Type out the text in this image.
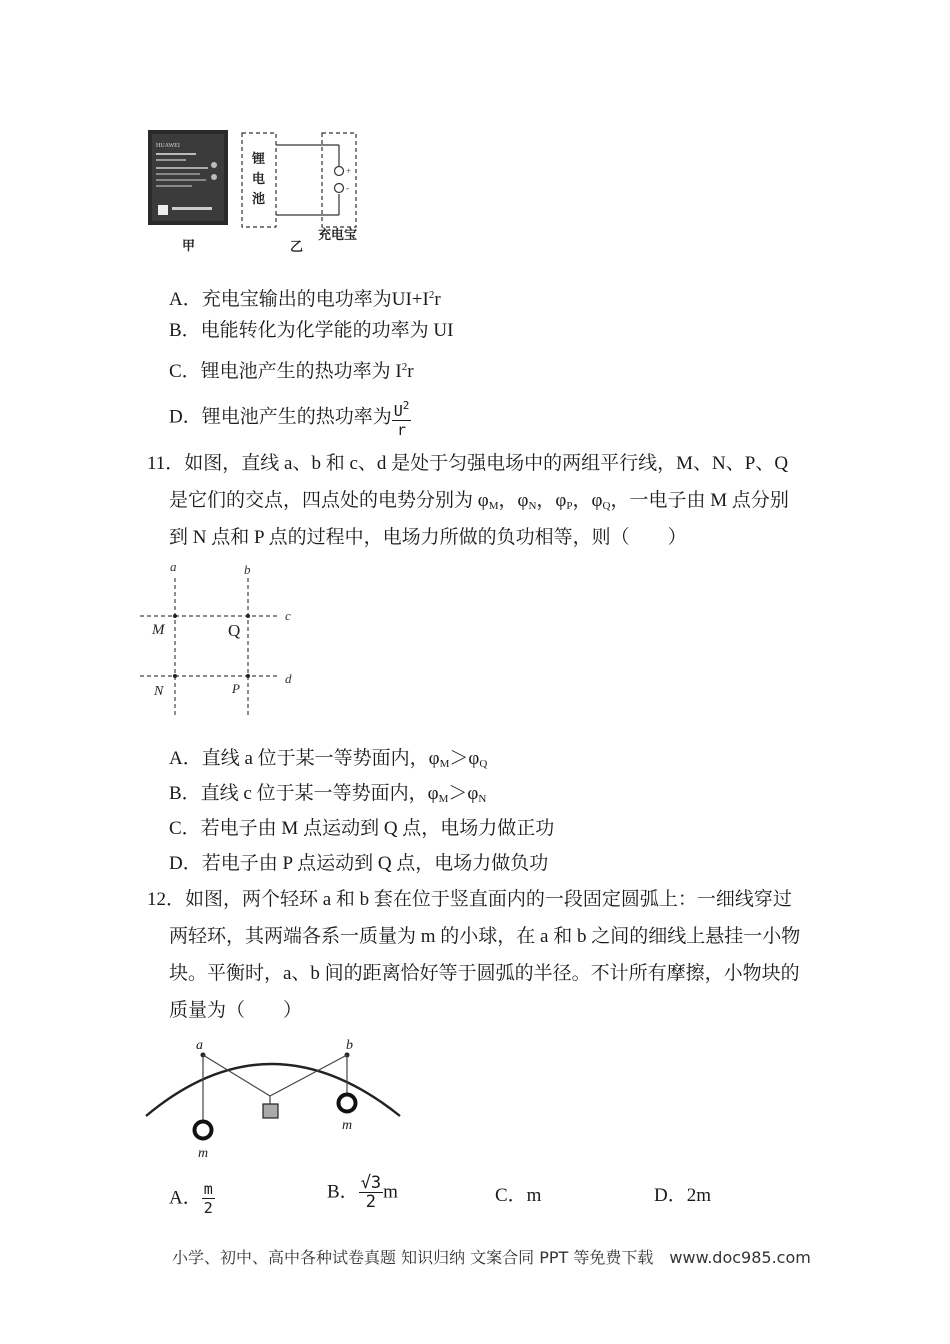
HUAWEI
甲
+
-
锂
电
池
充电宝
乙
A．充电宝输出的电功率为$UI+I^2r$
B．电能转化为化学能的功率为 UI
C．锂电池产生的热功率为 $I^2r$
D．锂电池产生的热功率为 $\frac{U^2}{r}$
11．如图，直线 a、b 和 c、d 是处于匀强电场中的两组平行线，M、N、P、Q
是它们的交点，四点处的电势分别为 $\varphi_M$，$\varphi_N$，$\varphi_P$，$\varphi_Q$，一电子由 M 点分别
到 N 点和 P 点的过程中，电场力所做的负功相等，则（　　）
a	b
c
d
M	Q
N	P
A．直线 a 位于某一等势面内，$\varphi_M>\varphi_Q$
B．直线 c 位于某一等势面内，$\varphi_M>\varphi_N$
C．若电子由 M 点运动到 Q 点，电场力做正功
D．若电子由 P 点运动到 Q 点，电场力做负功
12．如图，两个轻环 a 和 b 套在位于竖直面内的一段固定圆弧上：一细线穿过
两轻环，其两端各系一质量为 m 的小球，在 a 和 b 之间的细线上悬挂一小物
块。平衡时，a、b 间的距离恰好等于圆弧的半径。不计所有摩擦，小物块的
质量为（　　）
a	b
m
m
A． $\frac{m}{2}$	B． $\frac{√3}{2}$ m	C．m	D．2m
小学、初中、高中各种试卷真题 知识归纳 文案合同 PPT 等免费下载　www.doc985.com
